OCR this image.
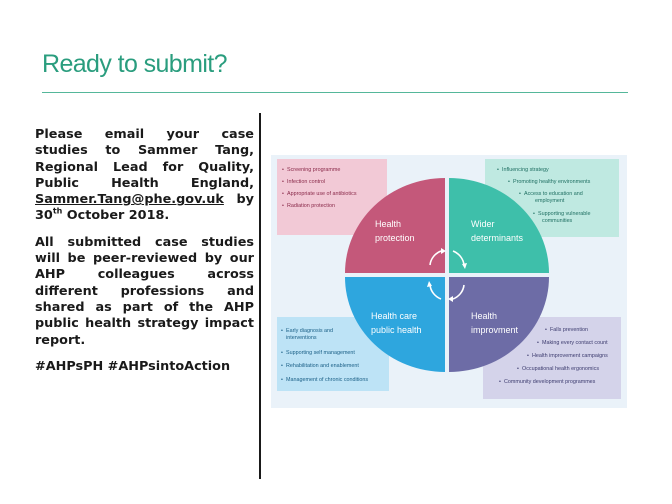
Ready to submit?

Please email your case studies to Sammer Tang, Regional Lead for Quality, Public Health England, Sammer.Tang@phe.gov.uk by 30th October 2018.

All submitted case studies will be peer-reviewed by our AHP colleagues across different professions and shared as part of the AHP public health strategy impact report.

#AHPsPH #AHPsintoAction

Health
protection
Wider
determinants
Health care
public health
Health
improvment
• Screening programme
• Infection control
• Appropriate use of antibiotics
• Radiation protection
• Influencing strategy
• Promoting healthy environments
• Access to education and
employment
• Supporting vulnerable
communities
• Early diagnosis and
interventions
• Supporting self management
• Rehabilitation and enablement
• Management of chronic conditions
• Falls prevention
• Making every contact count
• Health improvement campaigns
• Occupational health ergonomics
• Community development programmes
